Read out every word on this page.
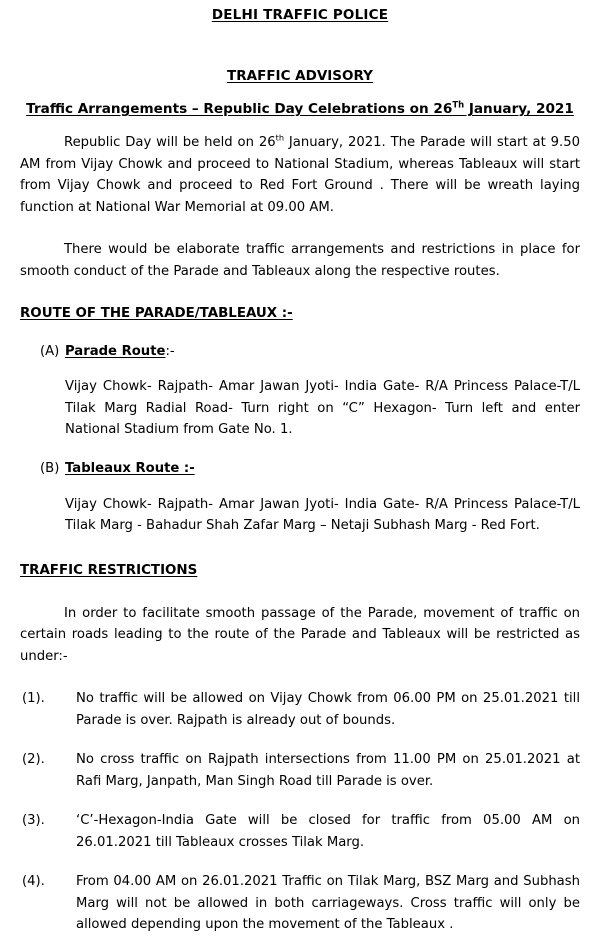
DELHI TRAFFIC POLICE
TRAFFIC ADVISORY
Traffic Arrangements – Republic Day Celebrations on 26Th January, 2021

Republic Day will be held on 26th January, 2021. The Parade will start at 9.50 AM from Vijay Chowk and proceed to National Stadium, whereas Tableaux will start from Vijay Chowk and proceed to Red Fort Ground . There will be wreath laying function at National War Memorial at 09.00 AM.

There would be elaborate traffic arrangements and restrictions in place for smooth conduct of the Parade and Tableaux along the respective routes.

ROUTE OF THE PARADE/TABLEAUX :-
(A) Parade Route:-
Vijay Chowk- Rajpath- Amar Jawan Jyoti- India Gate- R/A Princess Palace-T/L Tilak Marg Radial Road- Turn right on “C” Hexagon- Turn left and enter National Stadium from Gate No. 1.
(B) Tableaux Route :-
Vijay Chowk- Rajpath- Amar Jawan Jyoti- India Gate- R/A Princess Palace-T/L Tilak Marg - Bahadur Shah Zafar Marg – Netaji Subhash Marg - Red Fort.
TRAFFIC RESTRICTIONS

In order to facilitate smooth passage of the Parade, movement of traffic on certain roads leading to the route of the Parade and Tableaux will be restricted as under:-

(1).	No traffic will be allowed on Vijay Chowk from 06.00 PM on 25.01.2021 till Parade is over. Rajpath is already out of bounds.
(2).	No cross traffic on Rajpath intersections from 11.00 PM on 25.01.2021 at Rafi Marg, Janpath, Man Singh Road till Parade is over.
(3).	‘C’-Hexagon-India Gate will be closed for traffic from 05.00 AM on 26.01.2021 till Tableaux crosses Tilak Marg.
(4).	From 04.00 AM on 26.01.2021 Traffic on Tilak Marg, BSZ Marg and Subhash Marg will not be allowed in both carriageways. Cross traffic will only be allowed depending upon the movement of the Tableaux .
